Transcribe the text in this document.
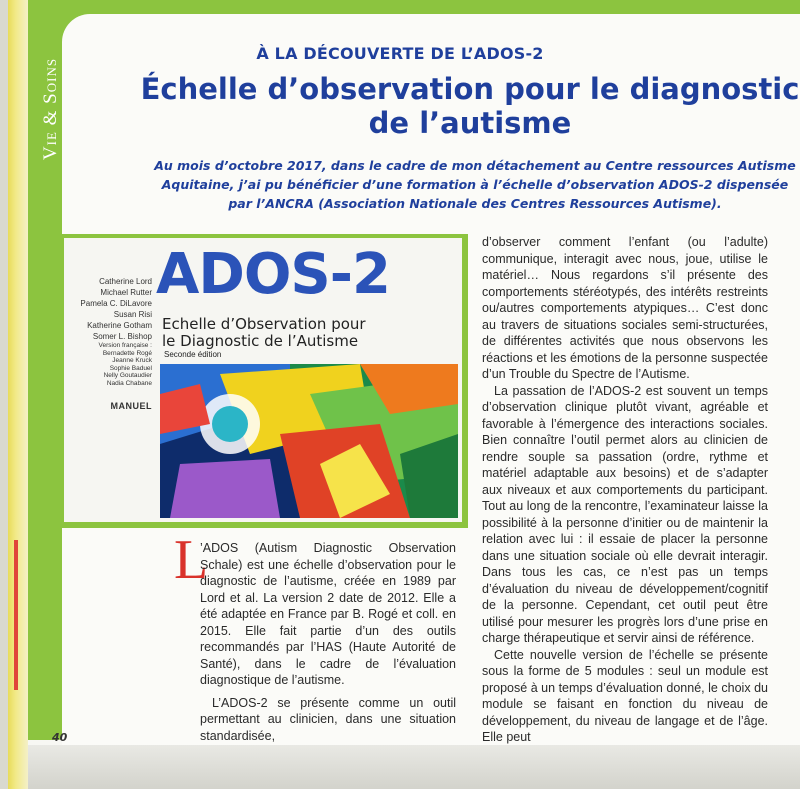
Vie & Soins
40
À LA DÉCOUVERTE DE L’ADOS-2
Échelle d’observation pour le diagnostic
de l’autisme
Au mois d’octobre 2017, dans le cadre de mon détachement au Centre ressources Autisme Aquitaine, j’ai pu bénéficier d’une formation à l’échelle d’observation ADOS-2 dispensée par l’ANCRA (Association Nationale des Centres Ressources Autisme).
Catherine Lord
Michael Rutter
Pamela C. DiLavore
Susan Risi
Katherine Gotham
Somer L. Bishop
Version française :
Bernadette Rogé
Jeanne Kruck
Sophie Baduel
Nelly Goutaudier
Nadia Chabane
MANUEL
ADOS-2
Echelle d’Observation pour
le Diagnostic de l’Autisme
Seconde édition
L

’ADOS (Autism Diagnostic Observation Schale) est une échelle d’observation pour le diagnostic de l’autisme, créée en 1989 par Lord et al. La version 2 date de 2012. Elle a été adaptée en France par B. Rogé et coll. en 2015. Elle fait partie d’un des outils recommandés par l’HAS (Haute Autorité de Santé), dans le cadre de l’évaluation diagnostique de l’autisme.

L’ADOS-2 se présente comme un outil permettant au clinicien, dans une situation standardisée,

d’observer comment l’enfant (ou l’adulte) communique, interagit avec nous, joue, utilise le matériel… Nous regardons s’il présente des comportements stéréotypés, des intérêts restreints ou/autres comportements atypiques… C’est donc au travers de situations sociales semi-structurées, de différentes activités que nous observons les réactions et les émotions de la personne suspectée d’un Trouble du Spectre de l’Autisme.

La passation de l’ADOS-2 est souvent un temps d’observation clinique plutôt vivant, agréable et favorable à l’émergence des interactions sociales. Bien connaître l’outil permet alors au clinicien de rendre souple sa passation (ordre, rythme et matériel adaptable aux besoins) et de s’adapter aux niveaux et aux comportements du participant. Tout au long de la rencontre, l’examinateur laisse la possibilité à la personne d’initier ou de maintenir la relation avec lui : il essaie de placer la personne dans une situation sociale où elle devrait interagir. Dans tous les cas, ce n’est pas un temps d’évaluation du niveau de développement/cognitif de la personne. Cependant, cet outil peut être utilisé pour mesurer les progrès lors d’une prise en charge thérapeutique et servir ainsi de référence.

Cette nouvelle version de l’échelle se présente sous la forme de 5 modules : seul un module est proposé à un temps d’évaluation donné, le choix du module se faisant en fonction du niveau de développement, du niveau de langage et de l’âge. Elle peut
